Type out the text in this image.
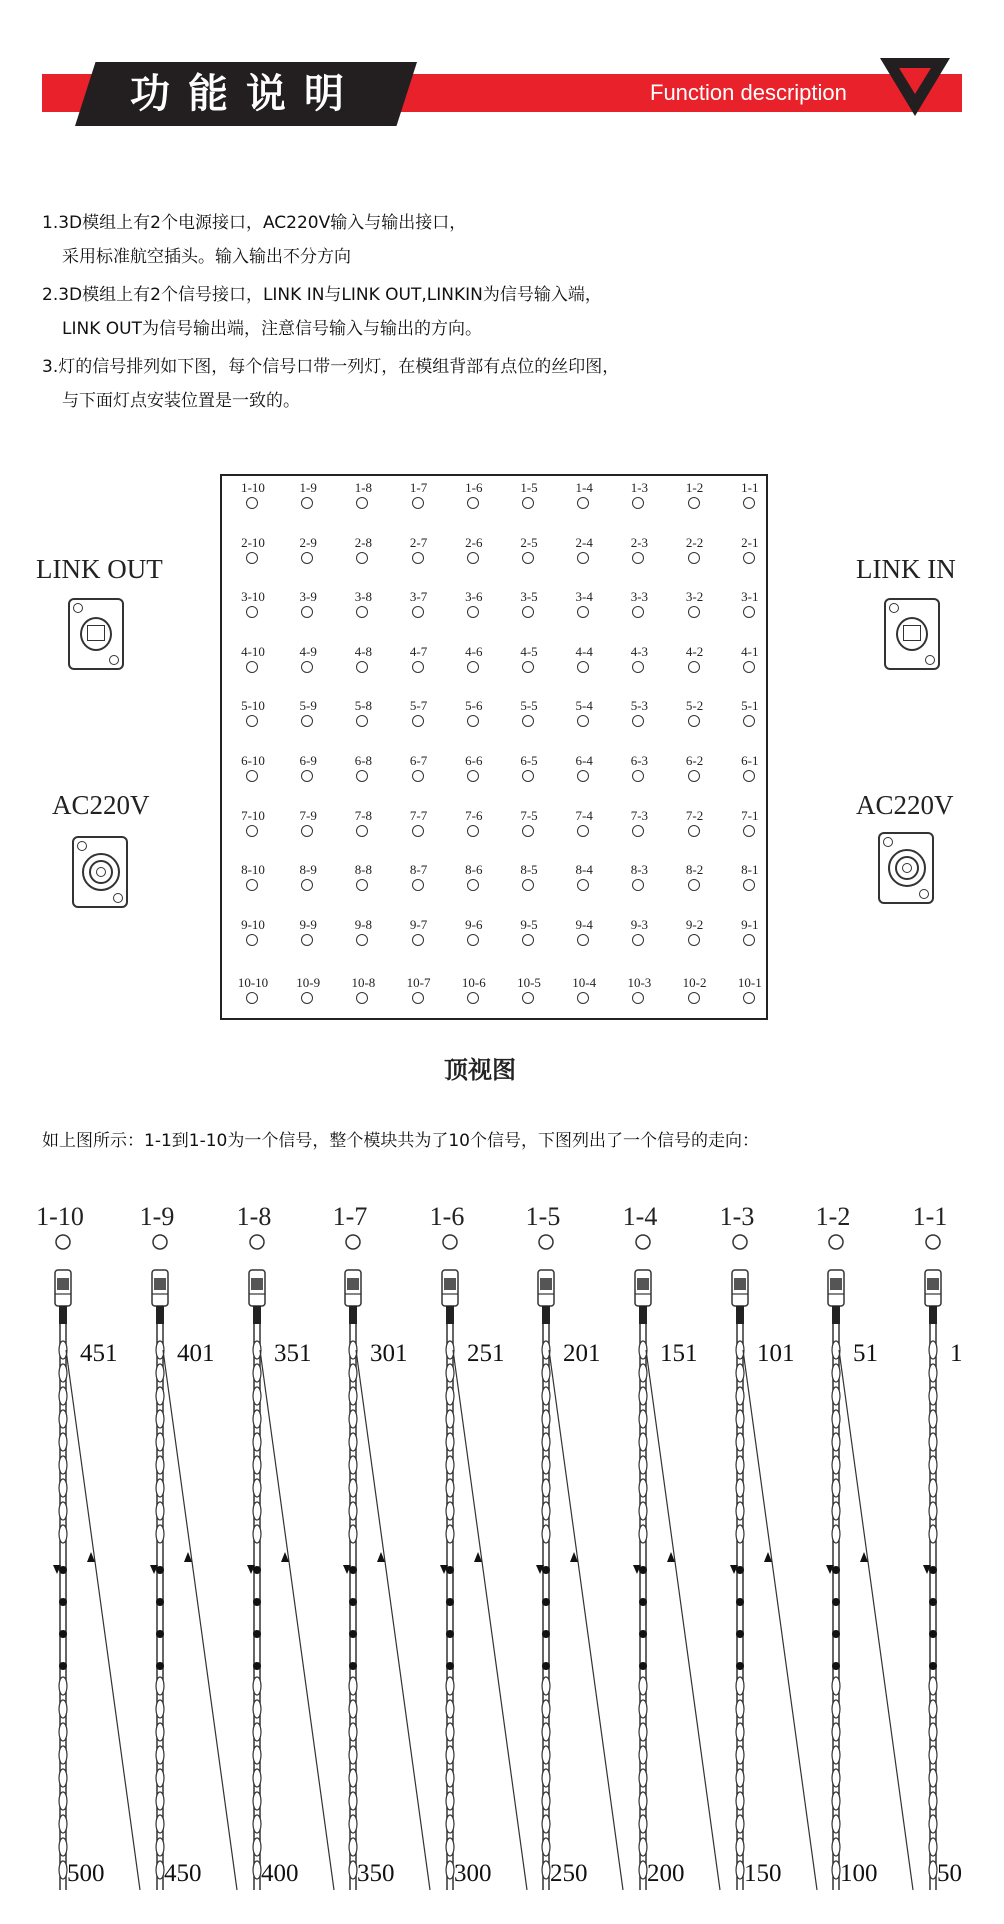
功能说明	Function description
1.3D模组上有2个电源接口，AC220V输入与输出接口，
采用标准航空插头。输入输出不分方向
2.3D模组上有2个信号接口，LINK IN与LINK OUT,LINKIN为信号输入端，
LINK OUT为信号输出端，注意信号输入与输出的方向。
3.灯的信号排列如下图，每个信号口带一列灯，在模组背部有点位的丝印图，
与下面灯点安装位置是一致的。
LINK OUT
AC220V
LINK IN
AC220V
1-10	1-9	1-8	1-7	1-6	1-5	1-4	1-3	1-2	1-1
2-10	2-9	2-8	2-7	2-6	2-5	2-4	2-3	2-2	2-1
3-10	3-9	3-8	3-7	3-6	3-5	3-4	3-3	3-2	3-1
4-10	4-9	4-8	4-7	4-6	4-5	4-4	4-3	4-2	4-1
5-10	5-9	5-8	5-7	5-6	5-5	5-4	5-3	5-2	5-1
6-10	6-9	6-8	6-7	6-6	6-5	6-4	6-3	6-2	6-1
7-10	7-9	7-8	7-7	7-6	7-5	7-4	7-3	7-2	7-1
8-10	8-9	8-8	8-7	8-6	8-5	8-4	8-3	8-2	8-1
9-10	9-9	9-8	9-7	9-6	9-5	9-4	9-3	9-2	9-1
10-10	10-9	10-8	10-7	10-6	10-5	10-4	10-3	10-2	10-1
顶视图
如上图所示：1-1到1-10为一个信号，整个模块共为了10个信号，下图列出了一个信号的走向：
1-10
451
500
1-9
401
450
1-8
351
400
1-7
301
350
1-6
251
300
1-5
201
250
1-4
151
200
1-3
101
150
1-2
51
100
1-1
1
50
